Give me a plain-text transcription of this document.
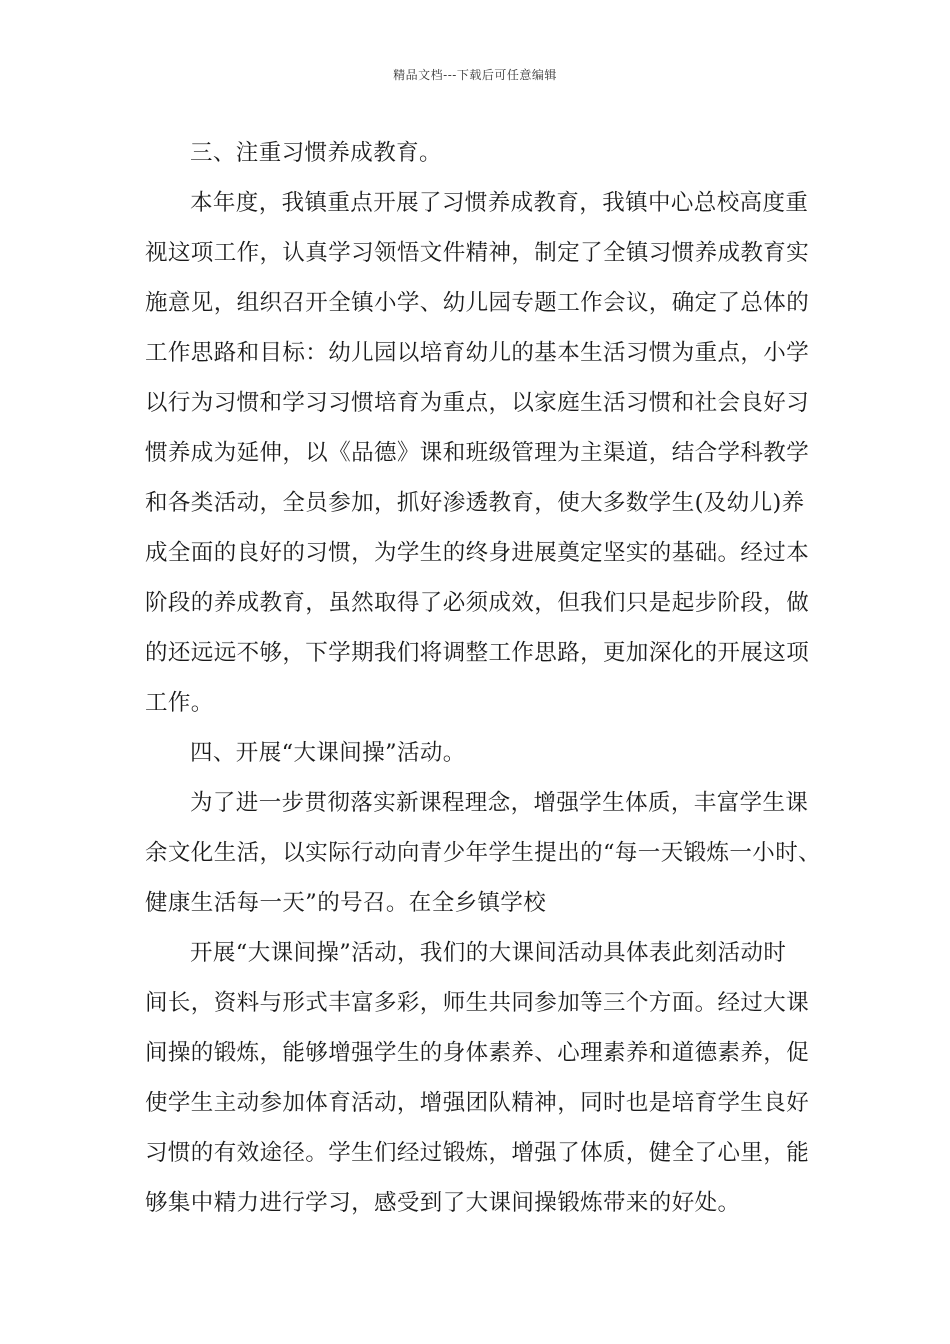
精品文档---下载后可任意编辑
三、注重习惯养成教育。
本年度，我镇重点开展了习惯养成教育，我镇中心总校高度重
视这项工作，认真学习领悟文件精神，制定了全镇习惯养成教育实
施意见，组织召开全镇小学、幼儿园专题工作会议，确定了总体的
工作思路和目标：幼儿园以培育幼儿的基本生活习惯为重点，小学
以行为习惯和学习习惯培育为重点，以家庭生活习惯和社会良好习
惯养成为延伸，以《品德》课和班级管理为主渠道，结合学科教学
和各类活动，全员参加，抓好渗透教育，使大多数学生(及幼儿)养
成全面的良好的习惯，为学生的终身进展奠定坚实的基础。经过本
阶段的养成教育，虽然取得了必须成效，但我们只是起步阶段，做
的还远远不够，下学期我们将调整工作思路，更加深化的开展这项
工作。
四、开展“大课间操”活动。
为了进一步贯彻落实新课程理念，增强学生体质，丰富学生课
余文化生活，以实际行动向青少年学生提出的“每一天锻炼一小时、
健康生活每一天”的号召。在全乡镇学校
开展“大课间操”活动，我们的大课间活动具体表此刻活动时
间长，资料与形式丰富多彩，师生共同参加等三个方面。经过大课
间操的锻炼，能够增强学生的身体素养、心理素养和道德素养，促
使学生主动参加体育活动，增强团队精神，同时也是培育学生良好
习惯的有效途径。学生们经过锻炼，增强了体质，健全了心里，能
够集中精力进行学习，感受到了大课间操锻炼带来的好处。
